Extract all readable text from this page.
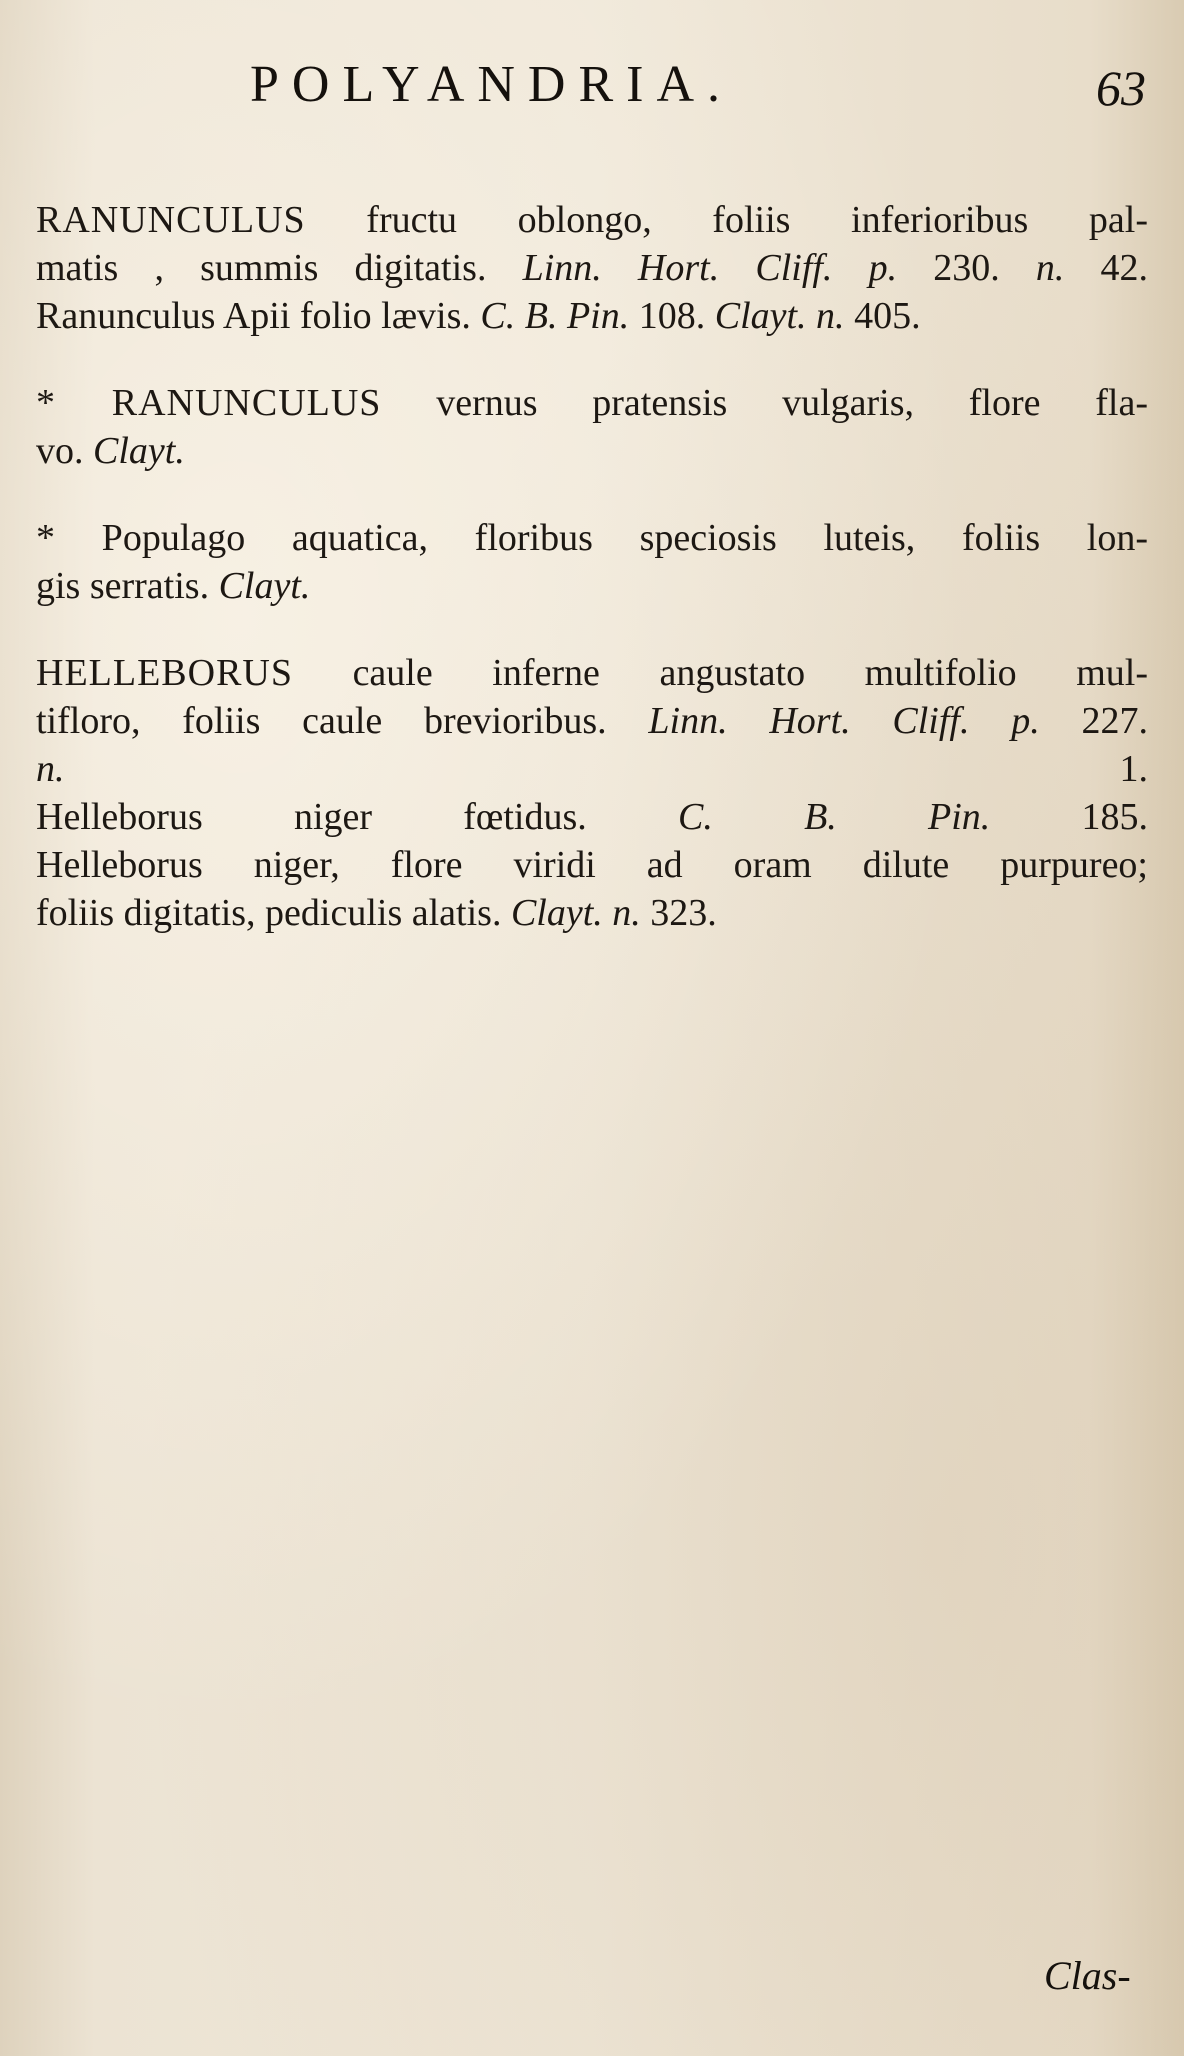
POLYANDRIA.	63
RANUNCULUS fructu oblongo, foliis inferioribus pal-
matis , summis digitatis. Linn. Hort. Cliff. p. 230. n. 42.
Ranunculus Apii folio lævis. C. B. Pin. 108. Clayt. n. 405.
* RANUNCULUS vernus pratensis vulgaris, flore fla-
vo. Clayt.
* Populago aquatica, floribus speciosis luteis, foliis lon-
gis serratis. Clayt.
HELLEBORUS caule inferne angustato multifolio mul-
tifloro, foliis caule brevioribus. Linn. Hort. Cliff. p. 227.
n. 1.
Helleborus niger fœtidus. C. B. Pin. 185.
Helleborus niger, flore viridi ad oram dilute purpureo;
foliis digitatis, pediculis alatis. Clayt. n. 323.
Clas-
